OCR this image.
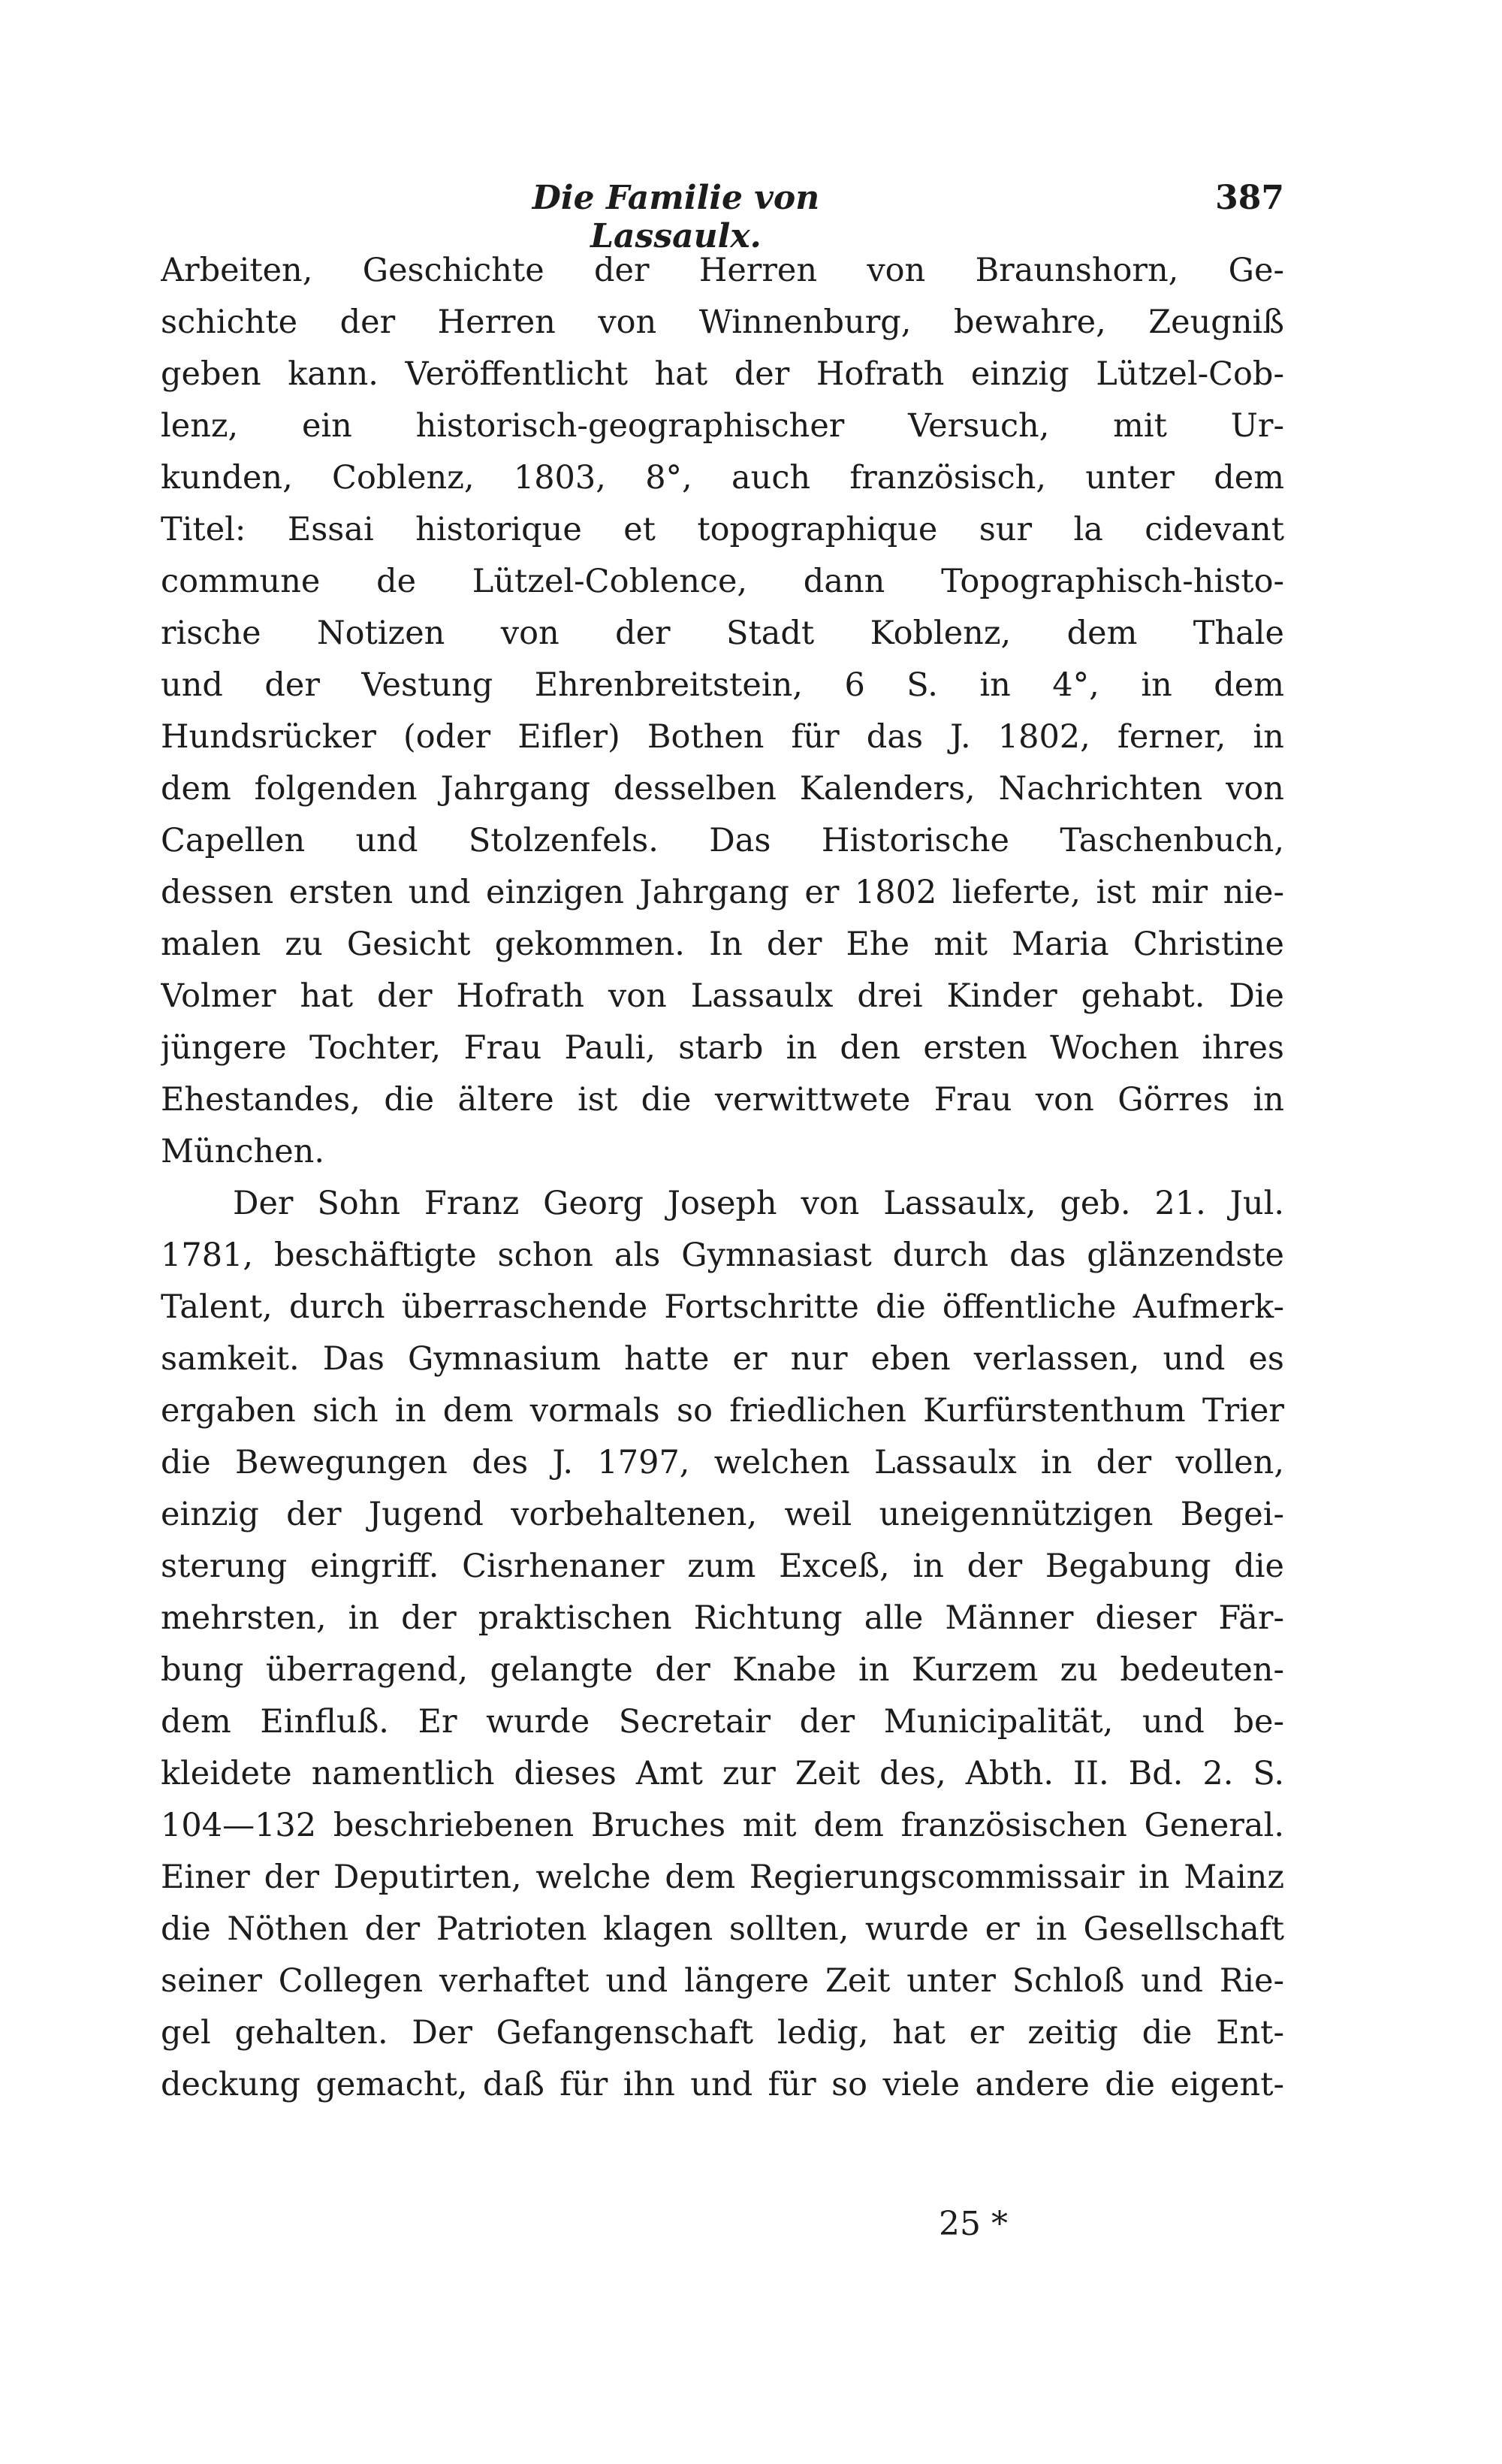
Die Familie von Lassaulx.
387
Arbeiten, Geschichte der Herren von Braunshorn, Ge-
schichte der Herren von Winnenburg, bewahre, Zeugniß
geben kann. Veröffentlicht hat der Hofrath einzig Lützel-Cob-
lenz, ein historisch-geographischer Versuch, mit Ur-
kunden, Coblenz, 1803, 8°, auch französisch, unter dem
Titel: Essai historique et topographique sur la cidevant
commune de Lützel-Coblence, dann Topographisch-histo-
rische Notizen von der Stadt Koblenz, dem Thale
und der Vestung Ehrenbreitstein, 6 S. in 4°, in dem
Hundsrücker (oder Eifler) Bothen für das J. 1802, ferner, in
dem folgenden Jahrgang desselben Kalenders, Nachrichten von
Capellen und Stolzenfels. Das Historische Taschenbuch,
dessen ersten und einzigen Jahrgang er 1802 lieferte, ist mir nie-
malen zu Gesicht gekommen. In der Ehe mit Maria Christine
Volmer hat der Hofrath von Lassaulx drei Kinder gehabt. Die
jüngere Tochter, Frau Pauli, starb in den ersten Wochen ihres
Ehestandes, die ältere ist die verwittwete Frau von Görres in
München.
Der Sohn Franz Georg Joseph von Lassaulx, geb. 21. Jul.
1781, beschäftigte schon als Gymnasiast durch das glänzendste
Talent, durch überraschende Fortschritte die öffentliche Aufmerk-
samkeit. Das Gymnasium hatte er nur eben verlassen, und es
ergaben sich in dem vormals so friedlichen Kurfürstenthum Trier
die Bewegungen des J. 1797, welchen Lassaulx in der vollen,
einzig der Jugend vorbehaltenen, weil uneigennützigen Begei-
sterung eingriff. Cisrhenaner zum Exceß, in der Begabung die
mehrsten, in der praktischen Richtung alle Männer dieser Fär-
bung überragend, gelangte der Knabe in Kurzem zu bedeuten-
dem Einfluß. Er wurde Secretair der Municipalität, und be-
kleidete namentlich dieses Amt zur Zeit des, Abth. II. Bd. 2. S.
104—132 beschriebenen Bruches mit dem französischen General.
Einer der Deputirten, welche dem Regierungscommissair in Mainz
die Nöthen der Patrioten klagen sollten, wurde er in Gesellschaft
seiner Collegen verhaftet und längere Zeit unter Schloß und Rie-
gel gehalten. Der Gefangenschaft ledig, hat er zeitig die Ent-
deckung gemacht, daß für ihn und für so viele andere die eigent-
25 *
